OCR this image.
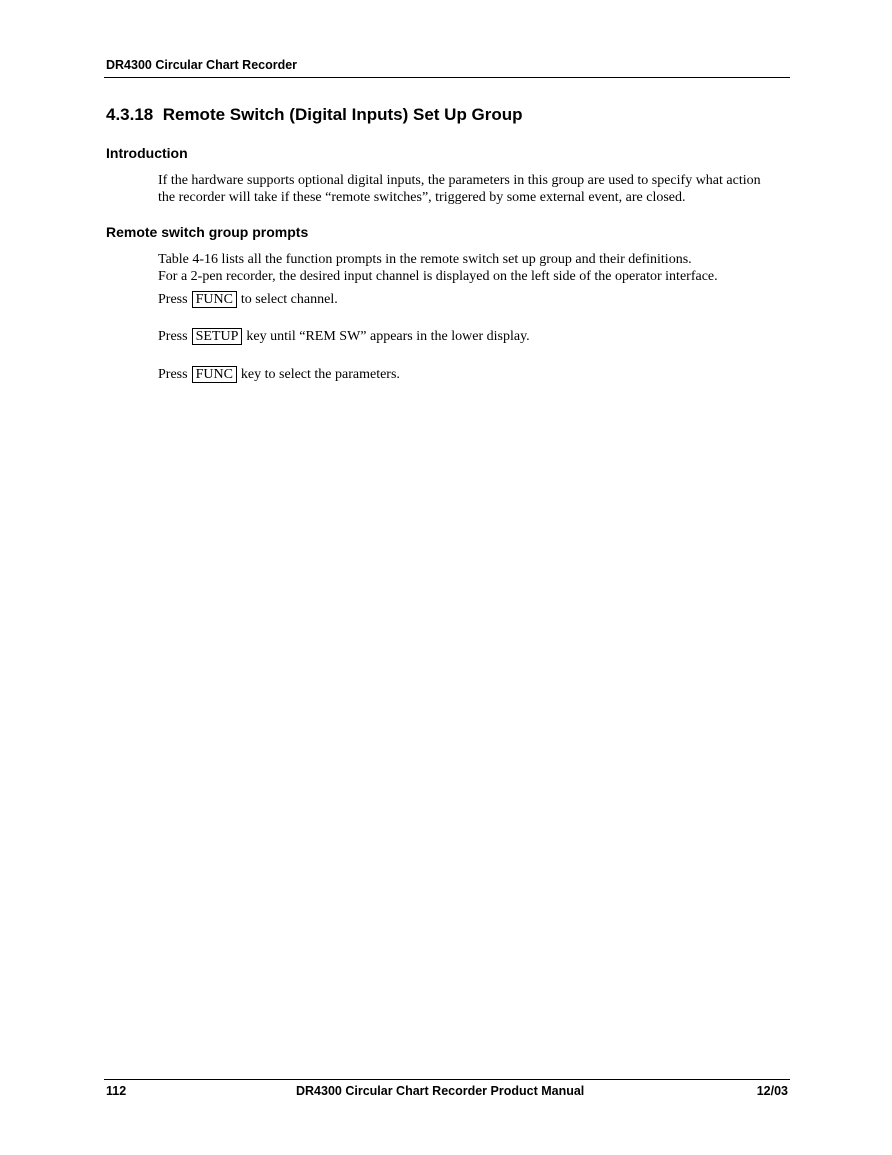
DR4300 Circular Chart Recorder
4.3.18  Remote Switch (Digital Inputs) Set Up Group
Introduction
If the hardware supports optional digital inputs, the parameters in this group are used to specify what action
the recorder will take if these “remote switches”, triggered by some external event, are closed.
Remote switch group prompts
Table 4-16 lists all the function prompts in the remote switch set up group and their definitions.
For a 2-pen recorder, the desired input channel is displayed on the left side of the operator interface.
Press FUNC to select channel.
Press SETUP key until “REM SW” appears in the lower display.
Press FUNC key to select the parameters.
112	DR4300 Circular Chart Recorder Product Manual	12/03
